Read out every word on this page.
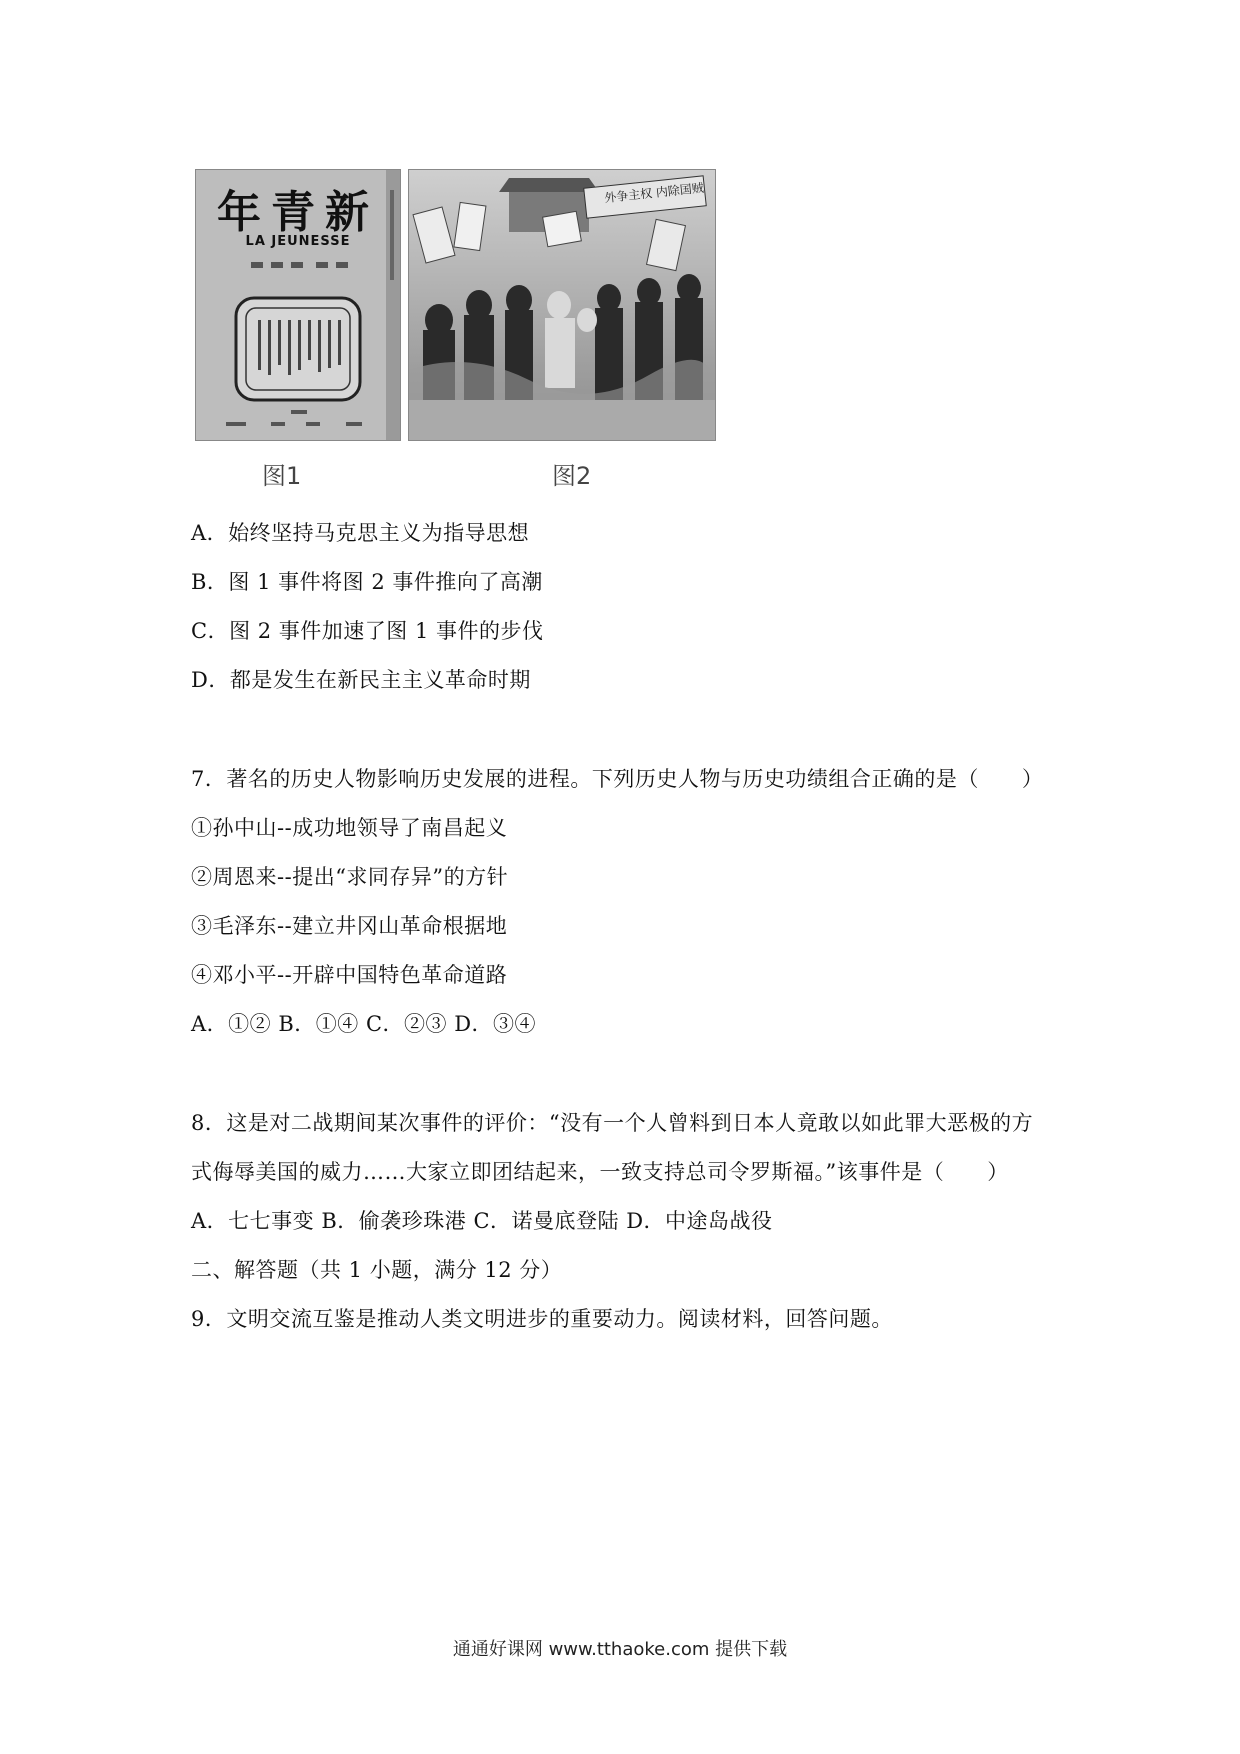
年青新
LA JEUNESSE
外争主权 内除国贼
图1	图2
A．始终坚持马克思主义为指导思想
B．图 1 事件将图 2 事件推向了高潮
C．图 2 事件加速了图 1 事件的步伐
D．都是发生在新民主主义革命时期
7．著名的历史人物影响历史发展的进程。下列历史人物与历史功绩组合正确的是（　　）
①孙中山--成功地领导了南昌起义
②周恩来--提出“求同存异”的方针
③毛泽东--建立井冈山革命根据地
④邓小平--开辟中国特色革命道路
A．①② B．①④ C．②③ D．③④
8．这是对二战期间某次事件的评价：“没有一个人曾料到日本人竟敢以如此罪大恶极的方
式侮辱美国的威力……大家立即团结起来，一致支持总司令罗斯福。”该事件是（　　）
A．七七事变 B．偷袭珍珠港 C．诺曼底登陆 D．中途岛战役
二、解答题（共 1 小题，满分 12 分）
9．文明交流互鉴是推动人类文明进步的重要动力。阅读材料，回答问题。
通通好课网 www.tthaoke.com 提供下载
